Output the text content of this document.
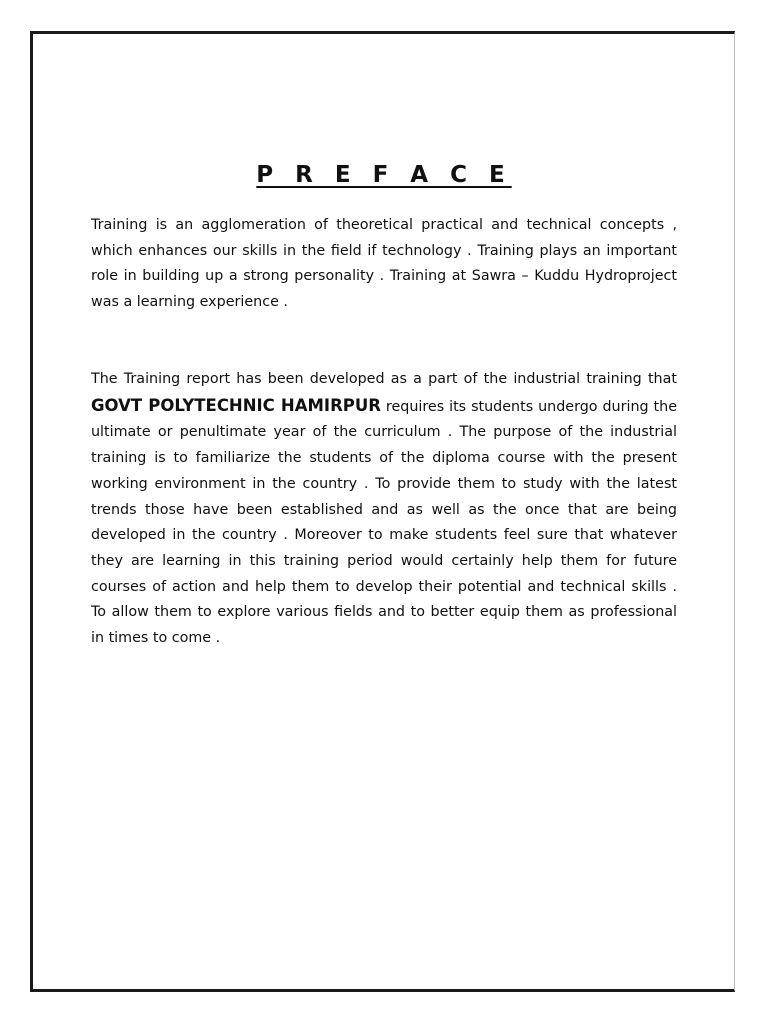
P R E F A C E

Training is an agglomeration of theoretical practical and technical concepts , which enhances our skills in the field if technology . Training plays an important role in building up a strong personality . Training at Sawra – Kuddu Hydroproject was a learning experience .

The Training report has been developed as a part of the industrial training that GOVT POLYTECHNIC HAMIRPUR requires its students undergo during the ultimate or penultimate year of the curriculum . The purpose of the industrial training is to familiarize the students of the diploma course with the present working environment in the country . To provide them to study with the latest trends those have been established and as well as the once that are being developed in the country . Moreover to make students feel sure that whatever they are learning in this training period would certainly help them for future courses of action and help them to develop their potential and technical skills . To allow them to explore various fields and to better equip them as professional in times to come .
